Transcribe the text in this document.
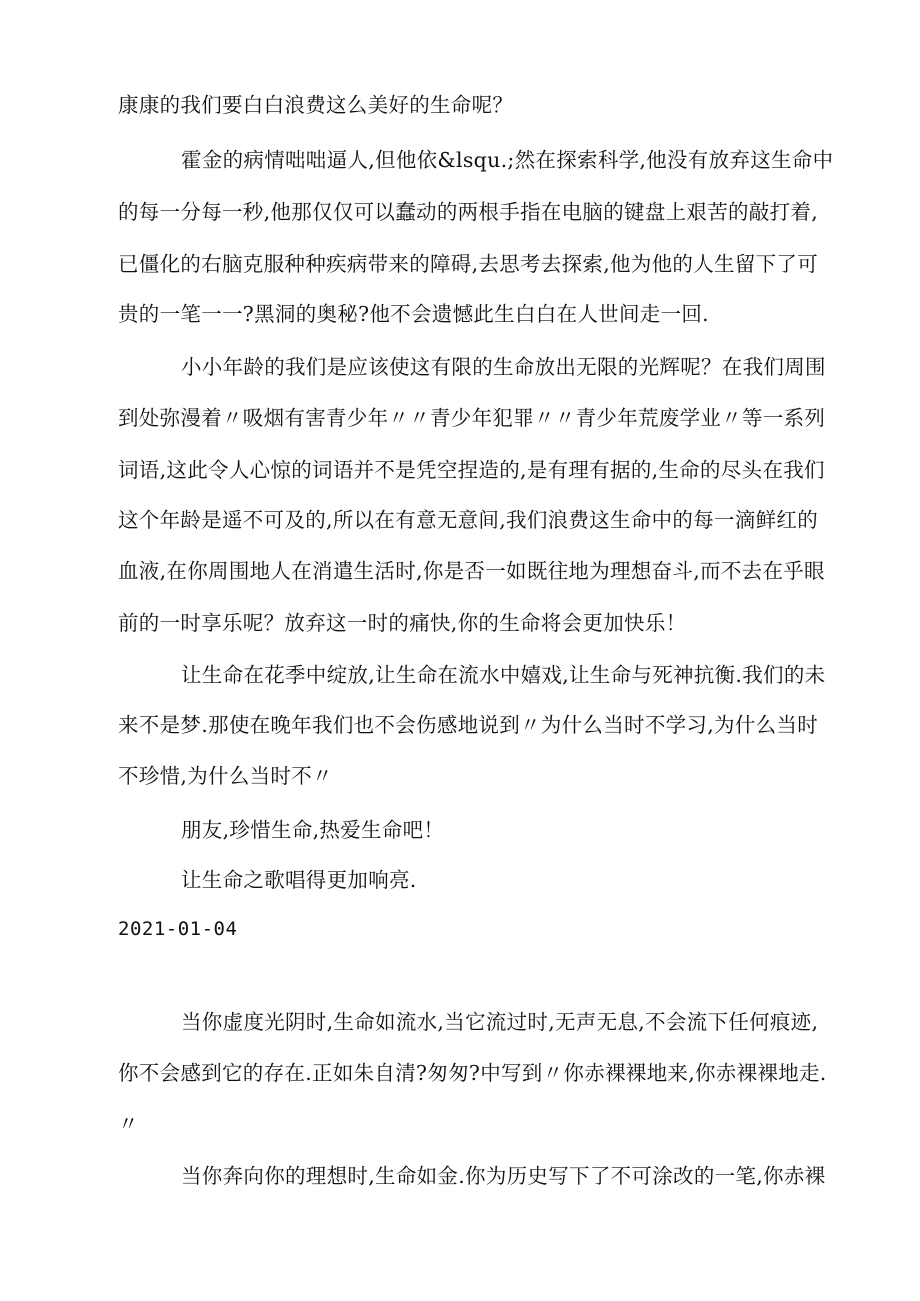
康康的我们要白白浪费这么美好的生命呢？
霍金的病情咄咄逼人,但他依&lsqu.;然在探索科学,他没有放弃这生命中
的每一分每一秒,他那仅仅可以蠢动的两根手指在电脑的键盘上艰苦的敲打着,
已僵化的右脑克服种种疾病带来的障碍,去思考去探索,他为他的人生留下了可
贵的一笔一一?黑洞的奥秘?他不会遗憾此生白白在人世间走一回.
小小年龄的我们是应该使这有限的生命放出无限的光辉呢？在我们周围
到处弥漫着〃吸烟有害青少年〃〃青少年犯罪〃〃青少年荒废学业〃等一系列
词语,这此令人心惊的词语并不是凭空捏造的,是有理有据的,生命的尽头在我们
这个年龄是遥不可及的,所以在有意无意间,我们浪费这生命中的每一滴鲜红的
血液,在你周围地人在消遣生活时,你是否一如既往地为理想奋斗,而不去在乎眼
前的一时享乐呢？放弃这一时的痛快,你的生命将会更加快乐！
让生命在花季中绽放,让生命在流水中嬉戏,让生命与死神抗衡.我们的未
来不是梦.那使在晚年我们也不会伤感地说到〃为什么当时不学习,为什么当时
不珍惜,为什么当时不〃
朋友,珍惜生命,热爱生命吧！
让生命之歌唱得更加响亮.
2021-01-04
当你虚度光阴时,生命如流水,当它流过时,无声无息,不会流下任何痕迹,
你不会感到它的存在.正如朱自清?匆匆?中写到〃你赤裸裸地来,你赤裸裸地走.
〃
当你奔向你的理想时,生命如金.你为历史写下了不可涂改的一笔,你赤裸
